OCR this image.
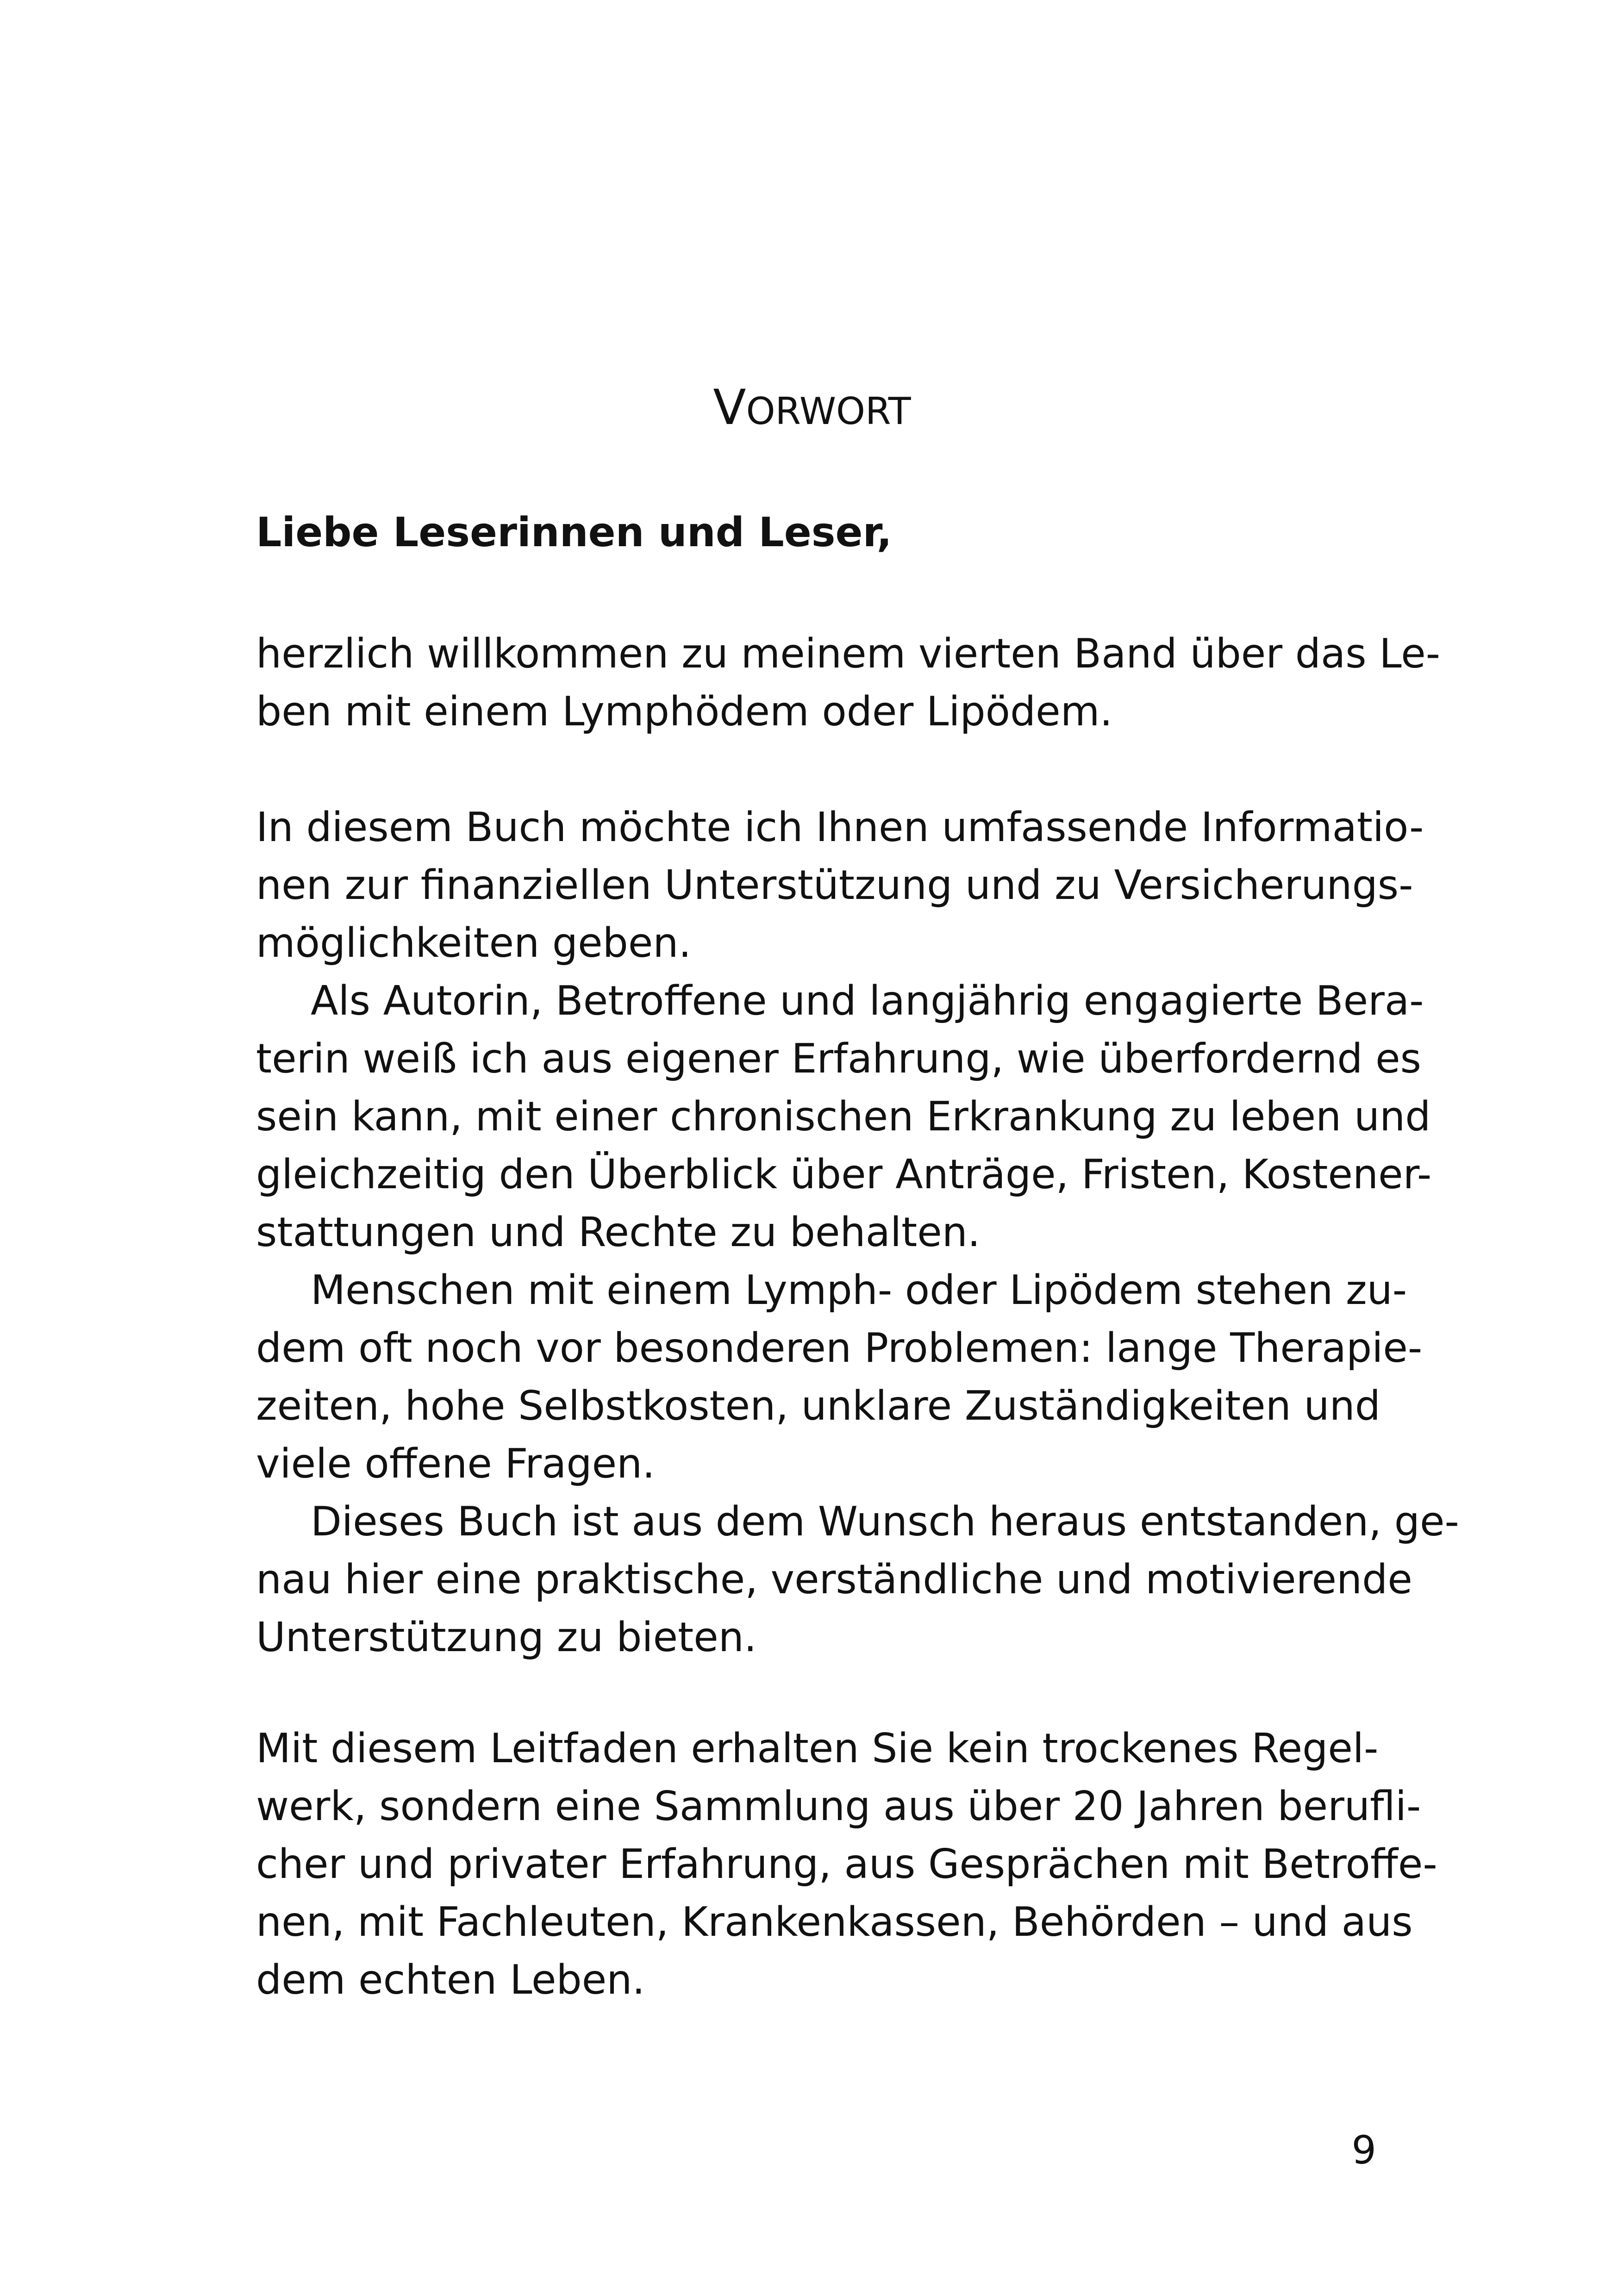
VORWORT

Liebe Leserinnen und Leser,

herzlich willkommen zu meinem vierten Band über das Le-
ben mit einem Lymphödem oder Lipödem.
In diesem Buch möchte ich Ihnen umfassende Informatio-
nen zur finanziellen Unterstützung und zu Versicherungs-
möglichkeiten geben.
Als Autorin, Betroffene und langjährig engagierte Bera-
terin weiß ich aus eigener Erfahrung, wie überfordernd es
sein kann, mit einer chronischen Erkrankung zu leben und
gleichzeitig den Überblick über Anträge, Fristen, Kostener-
stattungen und Rechte zu behalten.
Menschen mit einem Lymph- oder Lipödem stehen zu-
dem oft noch vor besonderen Problemen: lange Therapie-
zeiten, hohe Selbstkosten, unklare Zuständigkeiten und
viele offene Fragen.
Dieses Buch ist aus dem Wunsch heraus entstanden, ge-
nau hier eine praktische, verständliche und motivierende
Unterstützung zu bieten.
Mit diesem Leitfaden erhalten Sie kein trockenes Regel-
werk, sondern eine Sammlung aus über 20 Jahren berufli-
cher und privater Erfahrung, aus Gesprächen mit Betroffe-
nen, mit Fachleuten, Krankenkassen, Behörden – und aus
dem echten Leben.

9
